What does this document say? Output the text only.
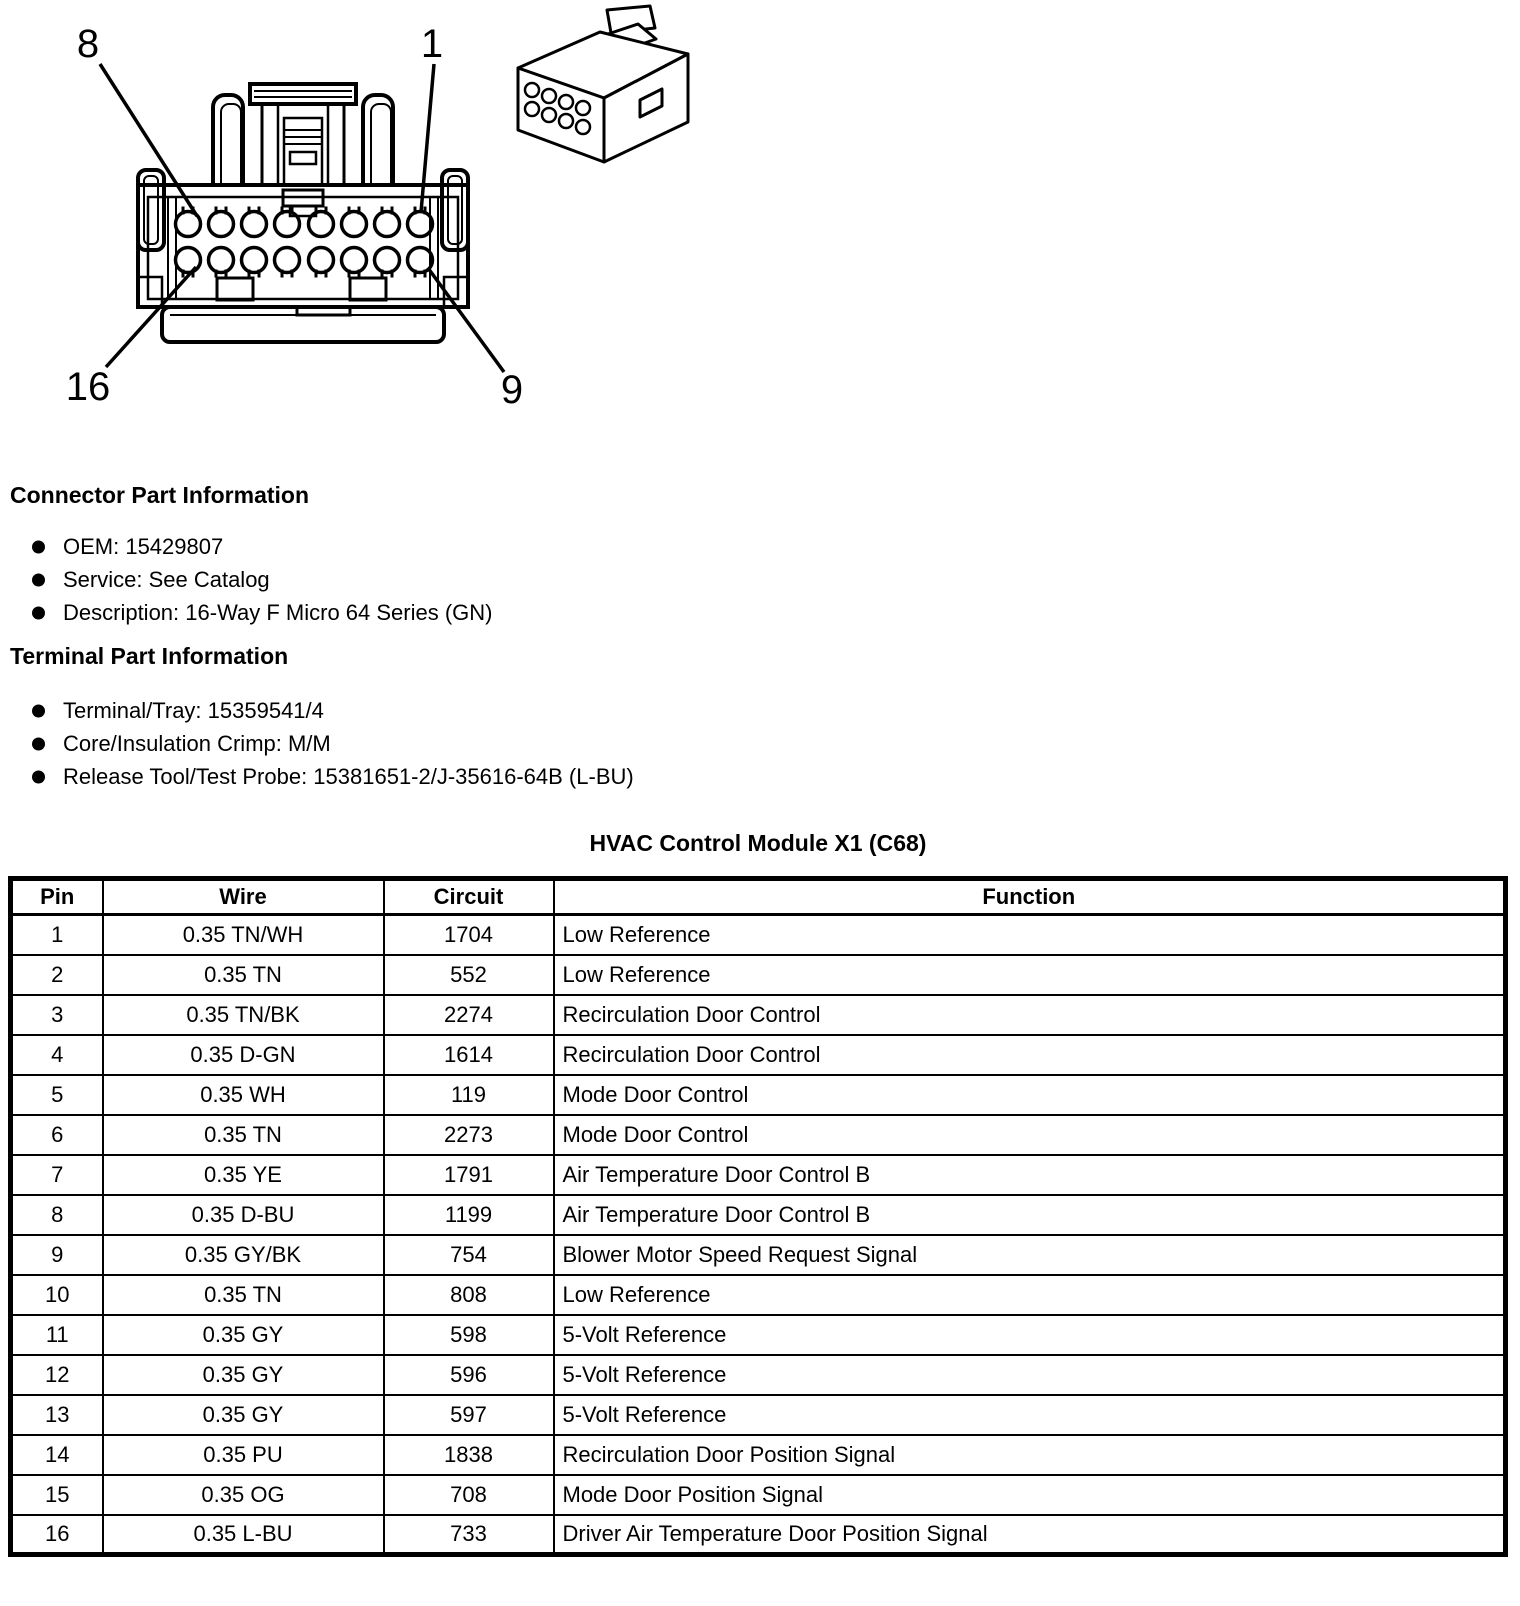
8	1
16	9
Connector Part Information
OEM: 15429807
Service: See Catalog
Description: 16-Way F Micro 64 Series (GN)
Terminal Part Information
Terminal/Tray: 15359541/4
Core/Insulation Crimp: M/M
Release Tool/Test Probe: 15381651-2/J-35616-64B (L-BU)
HVAC Control Module X1 (C68)
Pin	Wire	Circuit	Function
1	0.35 TN/WH	1704	Low Reference
2	0.35 TN	552	Low Reference
3	0.35 TN/BK	2274	Recirculation Door Control
4	0.35 D-GN	1614	Recirculation Door Control
5	0.35 WH	119	Mode Door Control
6	0.35 TN	2273	Mode Door Control
7	0.35 YE	1791	Air Temperature Door Control B
8	0.35 D-BU	1199	Air Temperature Door Control B
9	0.35 GY/BK	754	Blower Motor Speed Request Signal
10	0.35 TN	808	Low Reference
11	0.35 GY	598	5-Volt Reference
12	0.35 GY	596	5-Volt Reference
13	0.35 GY	597	5-Volt Reference
14	0.35 PU	1838	Recirculation Door Position Signal
15	0.35 OG	708	Mode Door Position Signal
16	0.35 L-BU	733	Driver Air Temperature Door Position Signal
